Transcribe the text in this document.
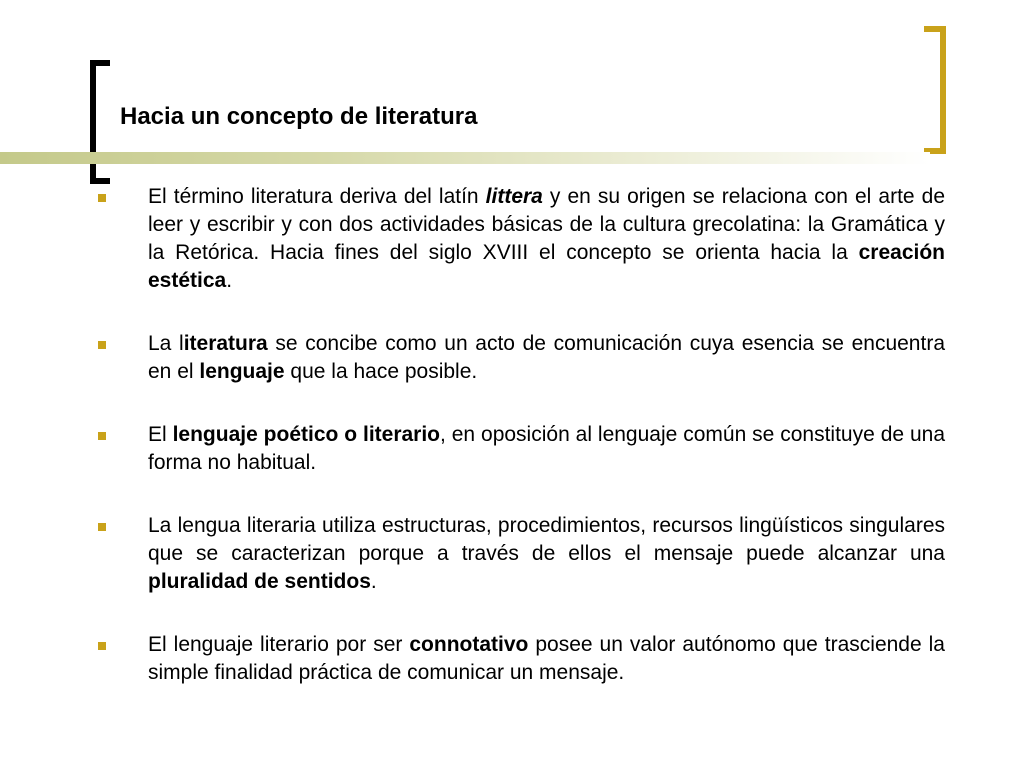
Hacia un concepto de literatura
El término literatura deriva del latín littera y en su origen se relaciona con el arte de leer y escribir y con dos actividades básicas de la cultura grecolatina: la Gramática y la Retórica. Hacia fines del siglo XVIII el concepto se orienta hacia la creación estética.
La literatura se concibe como un acto de comunicación cuya esencia se encuentra en el lenguaje que la hace posible.
El lenguaje poético o literario, en oposición al lenguaje común se constituye de una forma no habitual.
La lengua literaria utiliza estructuras, procedimientos, recursos lingüísticos singulares que se caracterizan porque a través de ellos el mensaje puede alcanzar una pluralidad de sentidos.
El lenguaje literario por ser connotativo posee un valor autónomo que trasciende la simple finalidad práctica de comunicar un mensaje.
